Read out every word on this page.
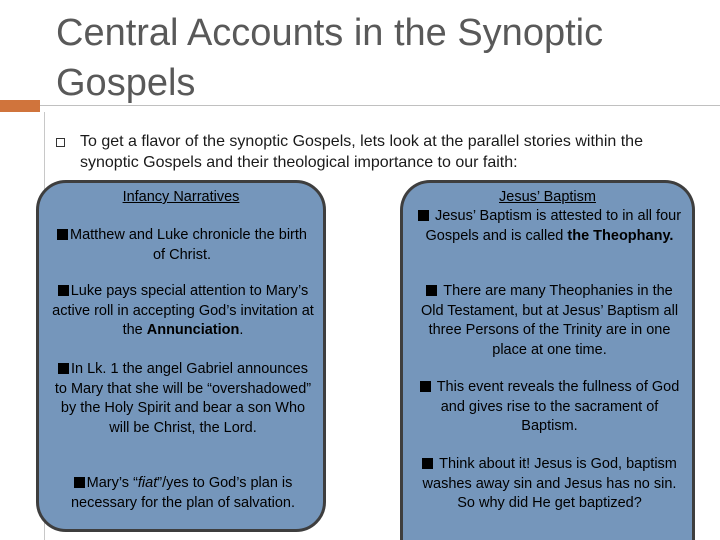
Central Accounts in the Synoptic Gospels
To get a flavor of the synoptic Gospels, lets look at the parallel stories within the synoptic Gospels and their theological importance to our faith:
Infancy Narratives
Matthew and Luke chronicle the birth of Christ.
Luke pays special attention to Mary’s active roll in accepting God’s invitation at the Annunciation.
In Lk. 1 the angel Gabriel announces to Mary that she will be “overshadowed” by the Holy Spirit and bear a son Who will be Christ, the Lord.
Mary’s “fiat”/yes to God’s plan is necessary for the plan of salvation.
Jesus’ Baptism
Jesus’ Baptism is attested to in all four Gospels and is called the Theophany.
There are many Theophanies in the Old Testament, but at Jesus’ Baptism all three Persons of the Trinity are in one place at one time.
This event reveals the fullness of God and gives rise to the sacrament of Baptism.
Think about it! Jesus is God, baptism washes away sin and Jesus has no sin. So why did He get baptized?
